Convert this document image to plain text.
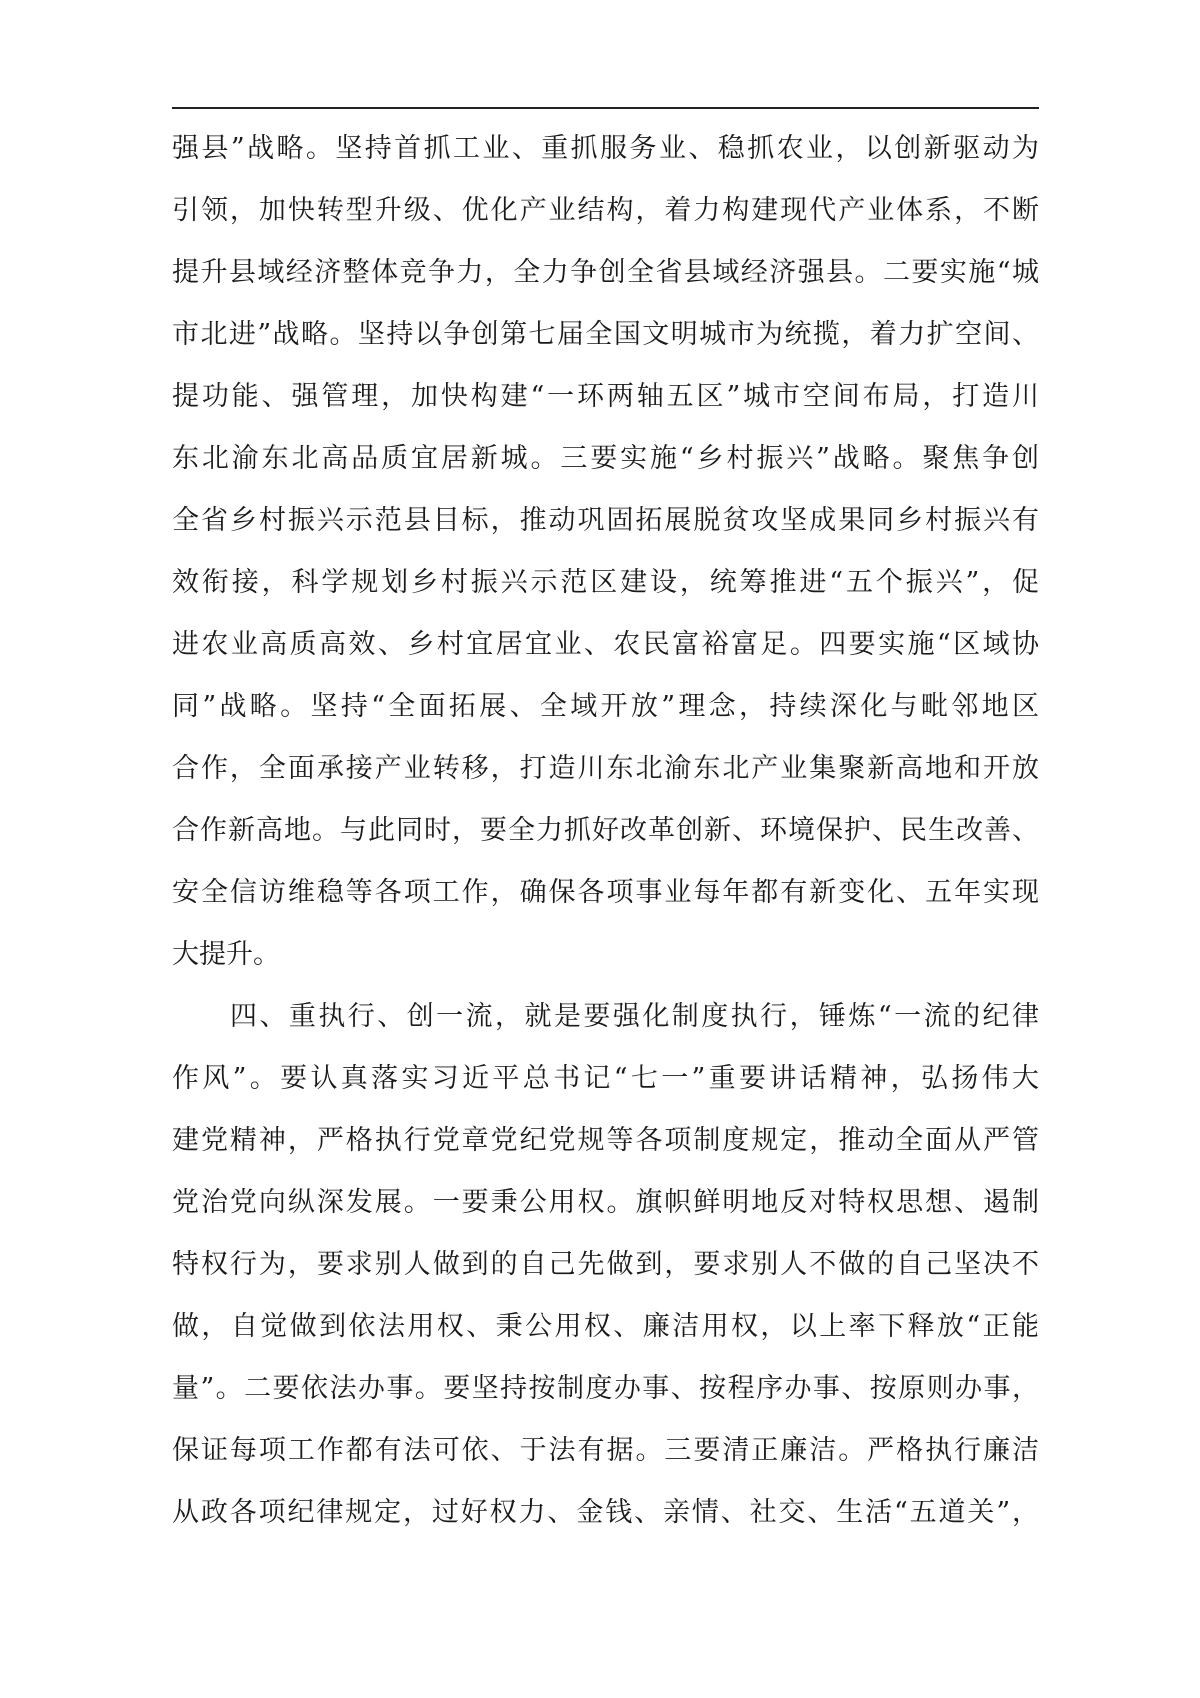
强县”战略。坚持首抓工业、重抓服务业、稳抓农业，以创新驱动为
引领，加快转型升级、优化产业结构，着力构建现代产业体系，不断
提升县域经济整体竞争力，全力争创全省县域经济强县。二要实施“城
市北进”战略。坚持以争创第七届全国文明城市为统揽，着力扩空间、
提功能、强管理，加快构建“一环两轴五区”城市空间布局，打造川
东北渝东北高品质宜居新城。三要实施“乡村振兴”战略。聚焦争创
全省乡村振兴示范县目标，推动巩固拓展脱贫攻坚成果同乡村振兴有
效衔接，科学规划乡村振兴示范区建设，统筹推进“五个振兴”，促
进农业高质高效、乡村宜居宜业、农民富裕富足。四要实施“区域协
同”战略。坚持“全面拓展、全域开放”理念，持续深化与毗邻地区
合作，全面承接产业转移，打造川东北渝东北产业集聚新高地和开放
合作新高地。与此同时，要全力抓好改革创新、环境保护、民生改善、
安全信访维稳等各项工作，确保各项事业每年都有新变化、五年实现
大提升。
四、重执行、创一流，就是要强化制度执行，锤炼“一流的纪律
作风”。要认真落实习近平总书记“七一”重要讲话精神，弘扬伟大
建党精神，严格执行党章党纪党规等各项制度规定，推动全面从严管
党治党向纵深发展。一要秉公用权。旗帜鲜明地反对特权思想、遏制
特权行为，要求别人做到的自己先做到，要求别人不做的自己坚决不
做，自觉做到依法用权、秉公用权、廉洁用权，以上率下释放“正能
量”。二要依法办事。要坚持按制度办事、按程序办事、按原则办事，
保证每项工作都有法可依、于法有据。三要清正廉洁。严格执行廉洁
从政各项纪律规定，过好权力、金钱、亲情、社交、生活“五道关”，
